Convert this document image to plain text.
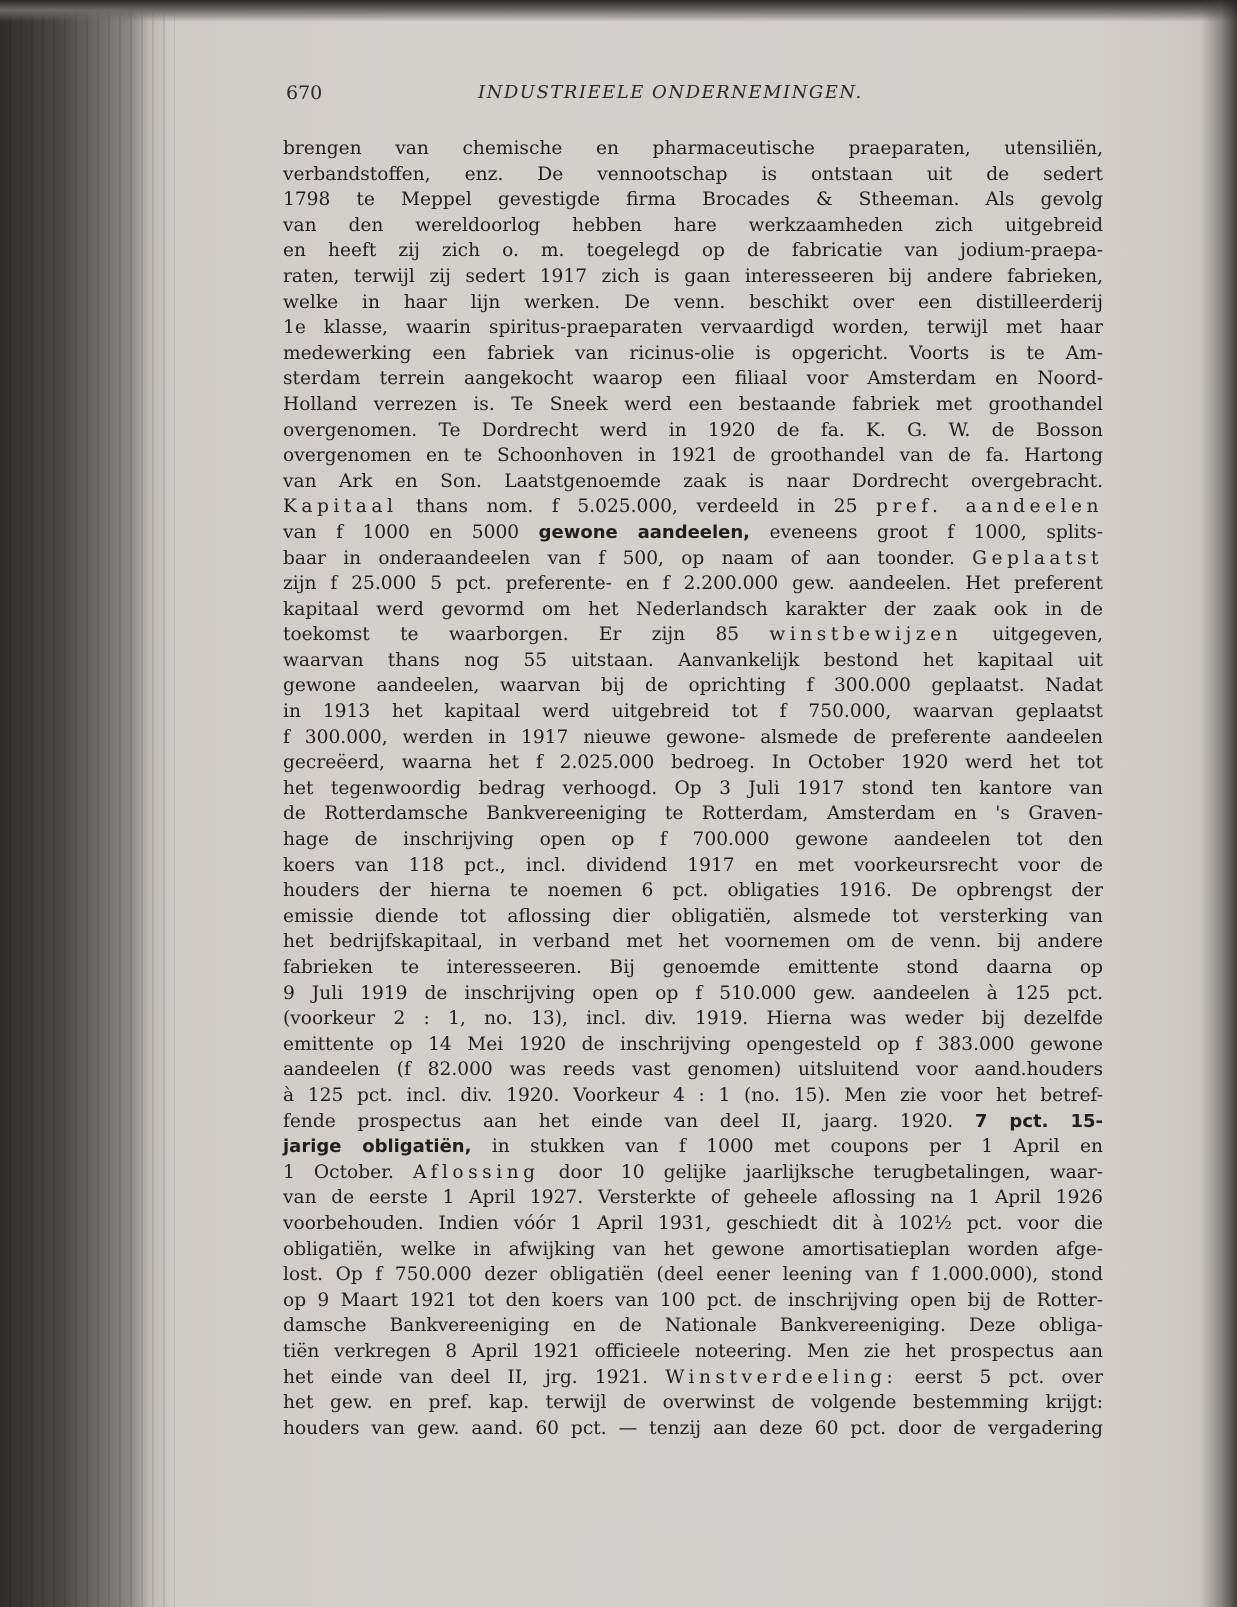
670	INDUSTRIEELE ONDERNEMINGEN.
brengen van chemische en pharmaceutische praeparaten, utensiliën,
verbandstoffen, enz. De vennootschap is ontstaan uit de sedert
1798 te Meppel gevestigde firma Brocades & Stheeman. Als gevolg
van den wereldoorlog hebben hare werkzaamheden zich uitgebreid
en heeft zij zich o. m. toegelegd op de fabricatie van jodium-praepa-
raten, terwijl zij sedert 1917 zich is gaan interesseeren bij andere fabrieken,
welke in haar lijn werken. De venn. beschikt over een distilleerderij
1e klasse, waarin spiritus-praeparaten vervaardigd worden, terwijl met haar
medewerking een fabriek van ricinus-olie is opgericht. Voorts is te Am-
sterdam terrein aangekocht waarop een filiaal voor Amsterdam en Noord-
Holland verrezen is. Te Sneek werd een bestaande fabriek met groothandel
overgenomen. Te Dordrecht werd in 1920 de fa. K. G. W. de Bosson
overgenomen en te Schoonhoven in 1921 de groothandel van de fa. Hartong
van Ark en Son. Laatstgenoemde zaak is naar Dordrecht overgebracht.
Kapitaal thans nom. f 5.025.000, verdeeld in 25 pref. aandeelen
van f 1000 en 5000 gewone aandeelen, eveneens groot f 1000, splits-
baar in onderaandeelen van f 500, op naam of aan toonder. Geplaatst
zijn f 25.000 5 pct. preferente- en f 2.200.000 gew. aandeelen. Het preferent
kapitaal werd gevormd om het Nederlandsch karakter der zaak ook in de
toekomst te waarborgen. Er zijn 85 winstbewijzen uitgegeven,
waarvan thans nog 55 uitstaan. Aanvankelijk bestond het kapitaal uit
gewone aandeelen, waarvan bij de oprichting f 300.000 geplaatst. Nadat
in 1913 het kapitaal werd uitgebreid tot f 750.000, waarvan geplaatst
f 300.000, werden in 1917 nieuwe gewone- alsmede de preferente aandeelen
gecreëerd, waarna het f 2.025.000 bedroeg. In October 1920 werd het tot
het tegenwoordig bedrag verhoogd. Op 3 Juli 1917 stond ten kantore van
de Rotterdamsche Bankvereeniging te Rotterdam, Amsterdam en 's Graven-
hage de inschrijving open op f 700.000 gewone aandeelen tot den
koers van 118 pct., incl. dividend 1917 en met voorkeursrecht voor de
houders der hierna te noemen 6 pct. obligaties 1916. De opbrengst der
emissie diende tot aflossing dier obligatiën, alsmede tot versterking van
het bedrijfskapitaal, in verband met het voornemen om de venn. bij andere
fabrieken te interesseeren. Bij genoemde emittente stond daarna op
9 Juli 1919 de inschrijving open op f 510.000 gew. aandeelen à 125 pct.
(voorkeur 2 : 1, no. 13), incl. div. 1919. Hierna was weder bij dezelfde
emittente op 14 Mei 1920 de inschrijving opengesteld op f 383.000 gewone
aandeelen (f 82.000 was reeds vast genomen) uitsluitend voor aand.houders
à 125 pct. incl. div. 1920. Voorkeur 4 : 1 (no. 15). Men zie voor het betref-
fende prospectus aan het einde van deel II, jaarg. 1920. 7 pct. 15-
jarige obligatiën, in stukken van f 1000 met coupons per 1 April en
1 October. Aflossing door 10 gelijke jaarlijksche terugbetalingen, waar-
van de eerste 1 April 1927. Versterkte of geheele aflossing na 1 April 1926
voorbehouden. Indien vóór 1 April 1931, geschiedt dit à 102½ pct. voor die
obligatiën, welke in afwijking van het gewone amortisatieplan worden afge-
lost. Op f 750.000 dezer obligatiën (deel eener leening van f 1.000.000), stond
op 9 Maart 1921 tot den koers van 100 pct. de inschrijving open bij de Rotter-
damsche Bankvereeniging en de Nationale Bankvereeniging. Deze obliga-
tiën verkregen 8 April 1921 officieele noteering. Men zie het prospectus aan
het einde van deel II, jrg. 1921. Winstverdeeling: eerst 5 pct. over
het gew. en pref. kap. terwijl de overwinst de volgende bestemming krijgt:
houders van gew. aand. 60 pct. — tenzij aan deze 60 pct. door de vergadering
